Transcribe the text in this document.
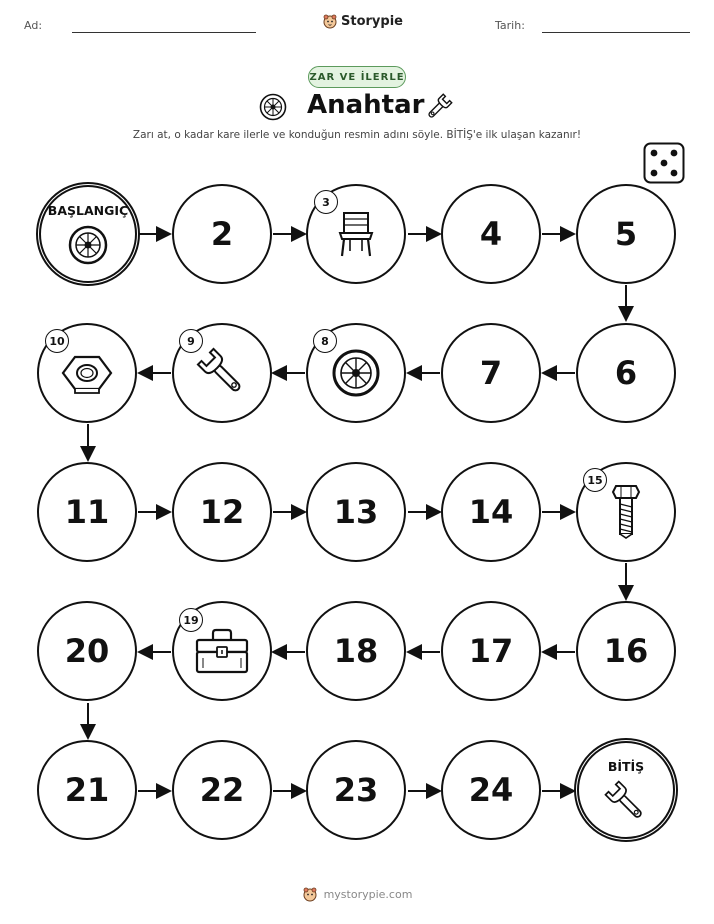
Ad:	Storypie	Tarih:
ZAR VE İLERLE
Anahtar
Zarı at, o kadar kare ilerle ve konduğun resmin adını söyle. BİTİŞ'e ilk ulaşan kazanır!
BAŞLANGIÇ
2
3
4	5
10	9	8
7	6
11	12	13	14
15
20
19
18	17	16
21	22	23	24
BİTİŞ
mystorypie.com
